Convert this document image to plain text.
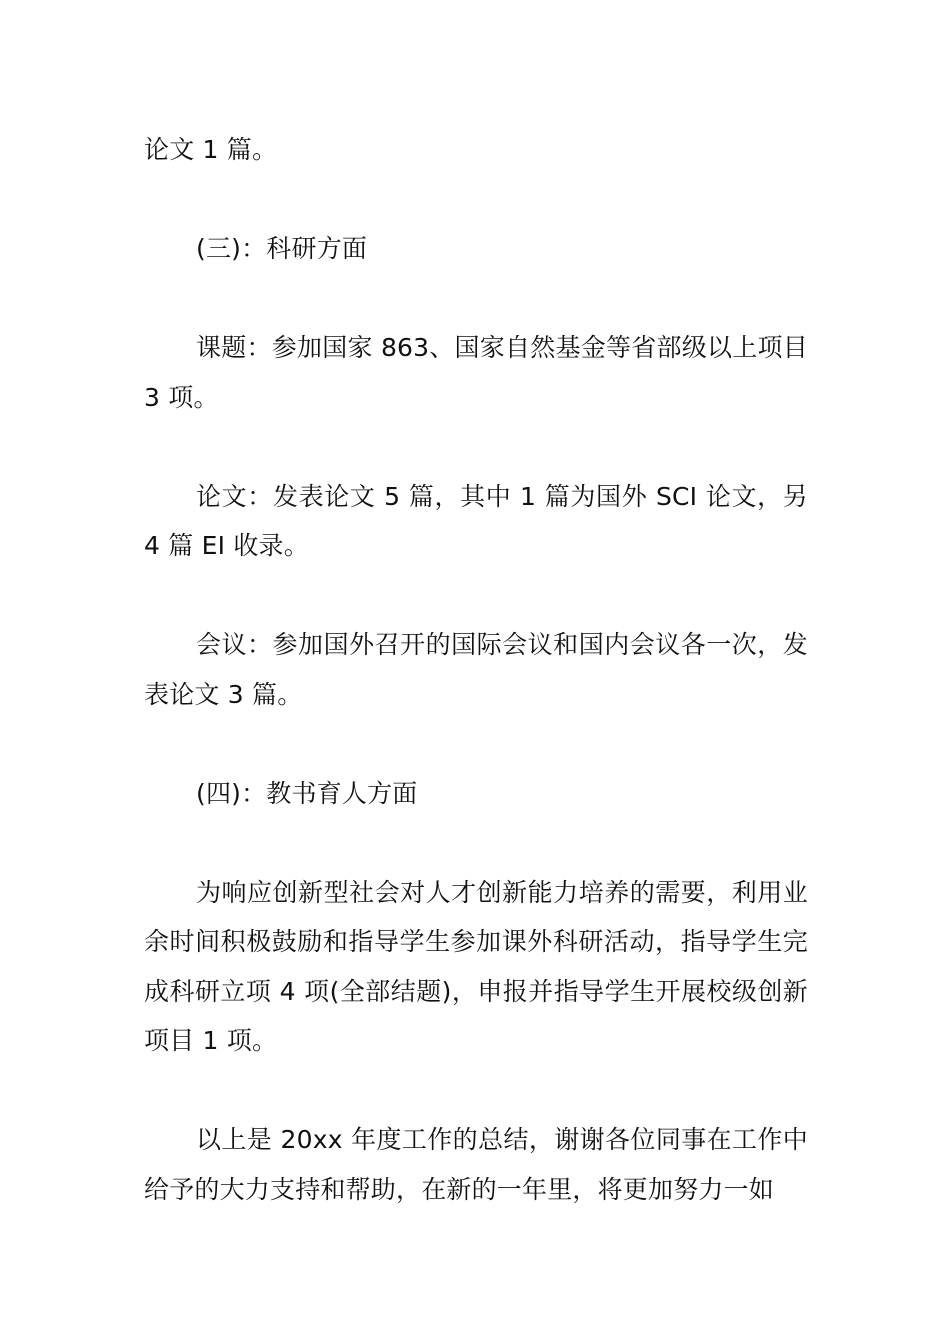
论文 1 篇。

(三)：科研方面

课题：参加国家 863、国家自然基金等省部级以上项目 3 项。

论文：发表论文 5 篇，其中 1 篇为国外 SCI 论文，另 4 篇 EI 收录。

会议：参加国外召开的国际会议和国内会议各一次，发表论文 3 篇。

(四)：教书育人方面

为响应创新型社会对人才创新能力培养的需要，利用业余时间积极鼓励和指导学生参加课外科研活动，指导学生完成科研立项 4 项(全部结题)，申报并指导学生开展校级创新项目 1 项。

以上是 20xx 年度工作的总结，谢谢各位同事在工作中给予的大力支持和帮助，在新的一年里，将更加努力一如
